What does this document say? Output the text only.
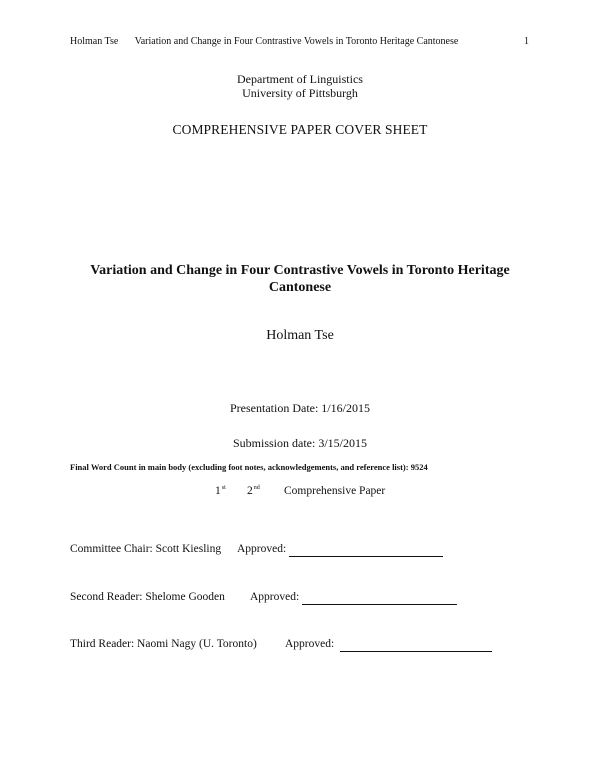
Holman Tse Variation and Change in Four Contrastive Vowels in Toronto Heritage Cantonese	1
Department of Linguistics
University of Pittsburgh
COMPREHENSIVE PAPER COVER SHEET
Variation and Change in Four Contrastive Vowels in Toronto Heritage Cantonese
Holman Tse
Presentation Date: 1/16/2015
Submission date: 3/15/2015
Final Word Count in main body (excluding foot notes, acknowledgements, and reference list): 9524
1st 2nd Comprehensive Paper
Committee Chair: Scott Kiesling Approved:
Second Reader: Shelome Gooden Approved:
Third Reader: Naomi Nagy (U. Toronto) Approved:
